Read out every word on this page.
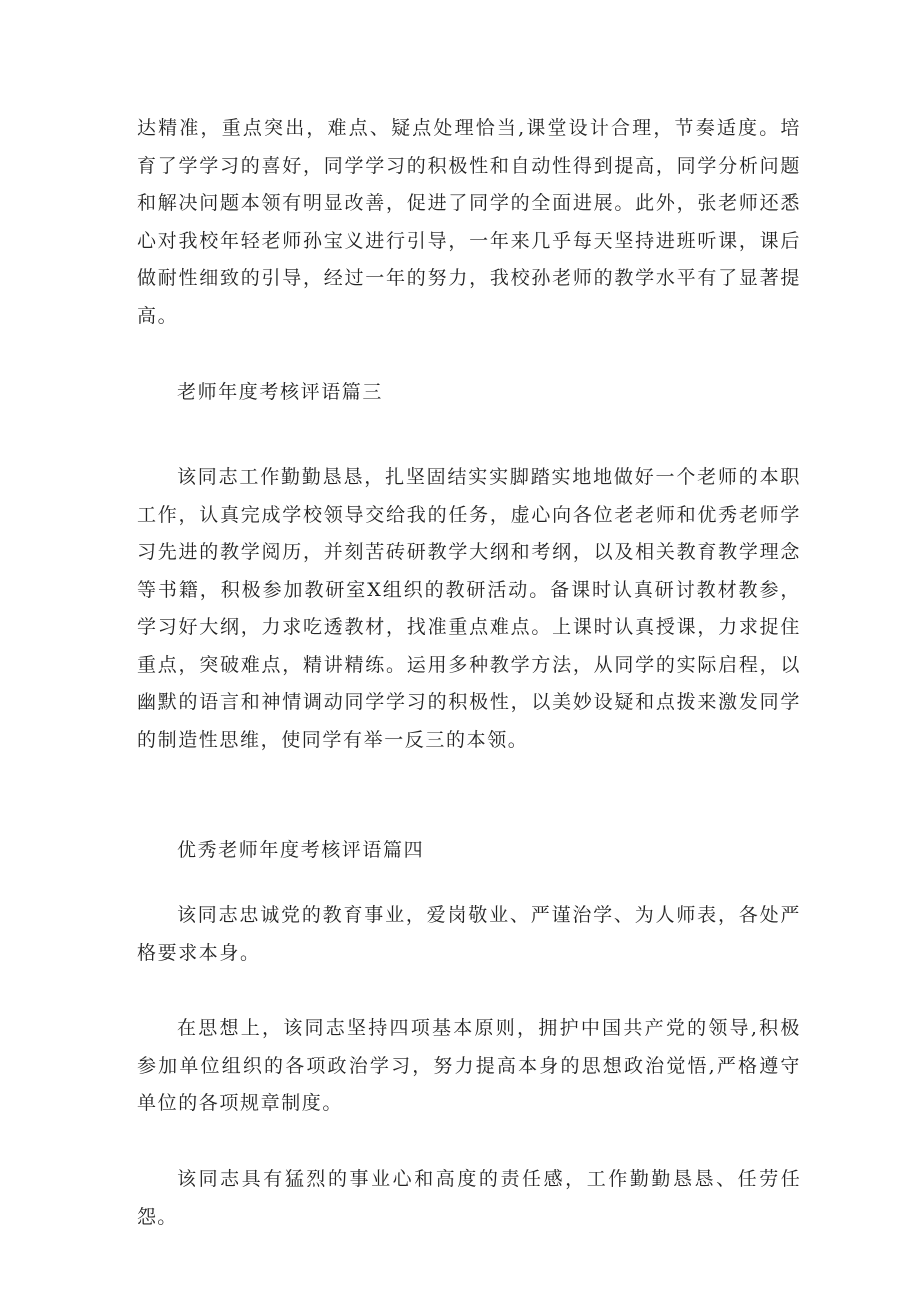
达精准，重点突出，难点、疑点处理恰当,课堂设计合理，节奏适度。培育了学学习的喜好，同学学习的积极性和自动性得到提高，同学分析问题和解决问题本领有明显改善，促进了同学的全面进展。此外，张老师还悉心对我校年轻老师孙宝义进行引导，一年来几乎每天坚持进班听课，课后做耐性细致的引导，经过一年的努力，我校孙老师的教学水平有了显著提高。

老师年度考核评语篇三

该同志工作勤勤恳恳，扎坚固结实实脚踏实地地做好一个老师的本职工作，认真完成学校领导交给我的任务，虚心向各位老老师和优秀老师学习先进的教学阅历，并刻苦砖研教学大纲和考纲，以及相关教育教学理念等书籍，积极参加教研室X组织的教研活动。备课时认真研讨教材教参，学习好大纲，力求吃透教材，找准重点难点。上课时认真授课，力求捉住重点，突破难点，精讲精练。运用多种教学方法，从同学的实际启程，以幽默的语言和神情调动同学学习的积极性，以美妙设疑和点拨来激发同学的制造性思维，使同学有举一反三的本领。

优秀老师年度考核评语篇四

该同志忠诚党的教育事业，爱岗敬业、严谨治学、为人师表，各处严格要求本身。

在思想上，该同志坚持四项基本原则，拥护中国共产党的领导,积极参加单位组织的各项政治学习，努力提高本身的思想政治觉悟,严格遵守单位的各项规章制度。

该同志具有猛烈的事业心和高度的责任感，工作勤勤恳恳、任劳任怨。
